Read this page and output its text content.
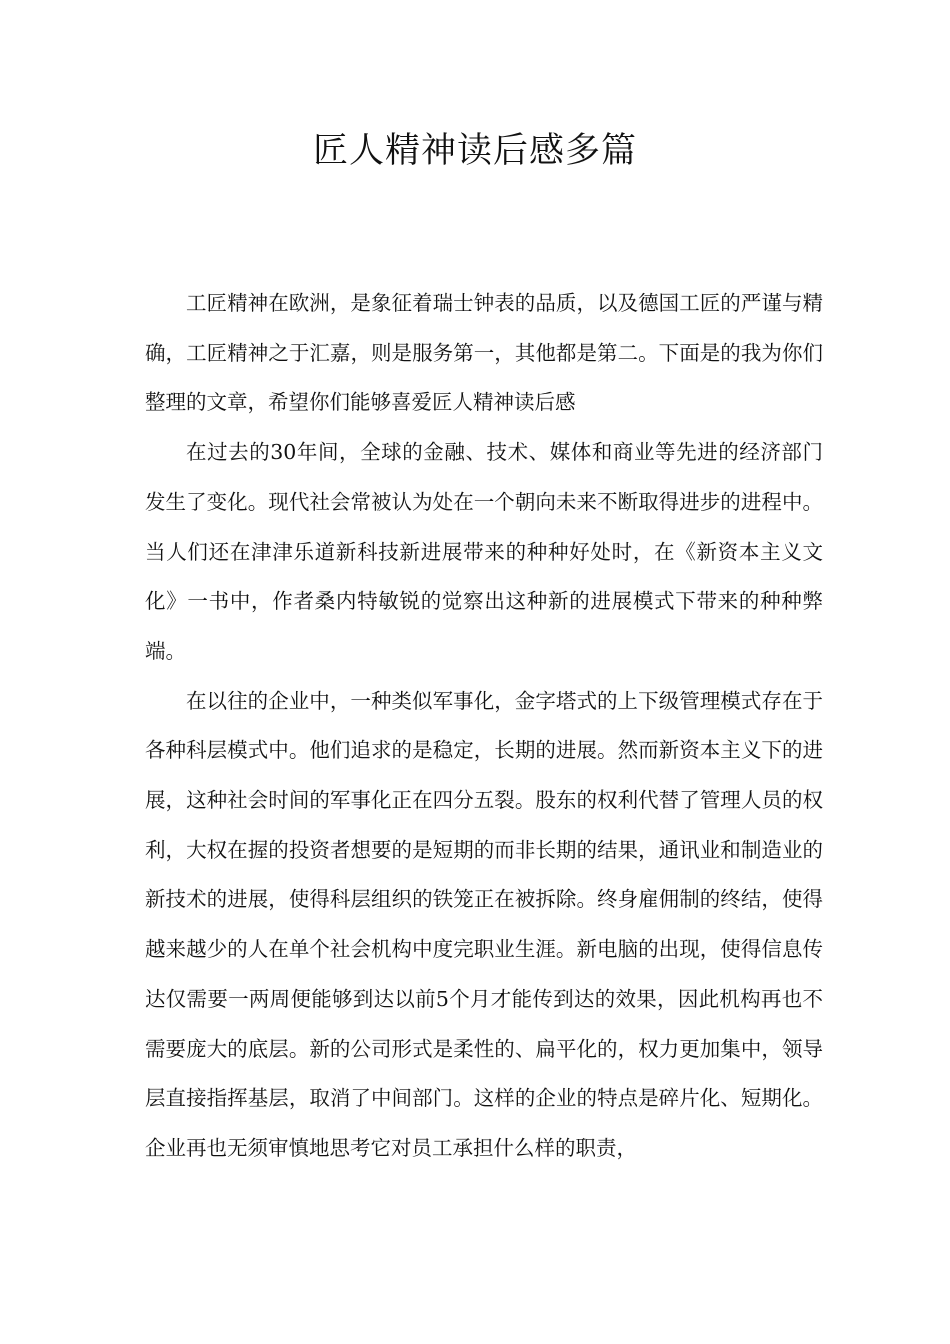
匠人精神读后感多篇

工匠精神在欧洲，是象征着瑞士钟表的品质，以及德国工匠的严谨与精确，工匠精神之于汇嘉，则是服务第一，其他都是第二。下面是的我为你们整理的文章，希望你们能够喜爱匠人精神读后感

在过去的30年间，全球的金融、技术、媒体和商业等先进的经济部门发生了变化。现代社会常被认为处在一个朝向未来不断取得进步的进程中。当人们还在津津乐道新科技新进展带来的种种好处时，在《新资本主义文化》一书中，作者桑内特敏锐的觉察出这种新的进展模式下带来的种种弊端。

在以往的企业中，一种类似军事化，金字塔式的上下级管理模式存在于各种科层模式中。他们追求的是稳定，长期的进展。然而新资本主义下的进展，这种社会时间的军事化正在四分五裂。股东的权利代替了管理人员的权利，大权在握的投资者想要的是短期的而非长期的结果，通讯业和制造业的新技术的进展，使得科层组织的铁笼正在被拆除。终身雇佣制的终结，使得越来越少的人在单个社会机构中度完职业生涯。新电脑的出现，使得信息传达仅需要一两周便能够到达以前5个月才能传到达的效果，因此机构再也不需要庞大的底层。新的公司形式是柔性的、扁平化的，权力更加集中，领导层直接指挥基层，取消了中间部门。这样的企业的特点是碎片化、短期化。企业再也无须审慎地思考它对员工承担什么样的职责，
